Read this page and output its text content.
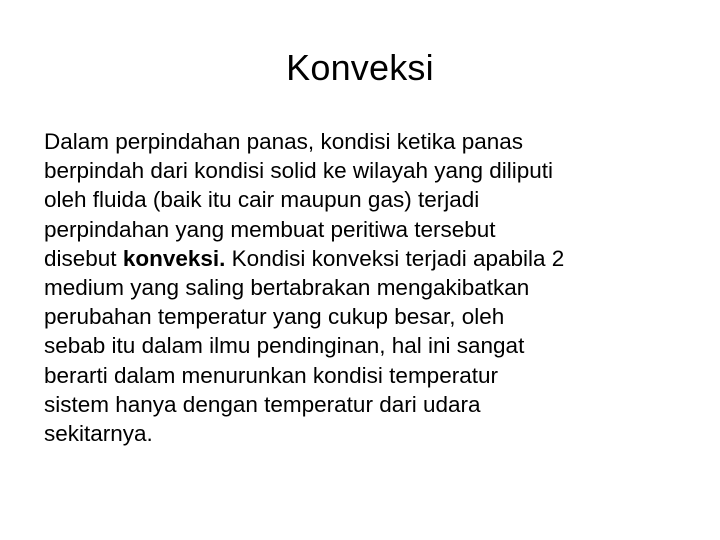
Konveksi
Dalam perpindahan panas, kondisi ketika panas
berpindah dari kondisi solid ke wilayah yang diliputi
oleh fluida (baik itu cair maupun gas) terjadi
perpindahan yang membuat peritiwa tersebut
disebut konveksi. Kondisi konveksi terjadi apabila 2
medium yang saling bertabrakan mengakibatkan
perubahan temperatur yang cukup besar, oleh
sebab itu dalam ilmu pendinginan, hal ini sangat
berarti dalam menurunkan kondisi temperatur
sistem hanya dengan temperatur dari udara
sekitarnya.
